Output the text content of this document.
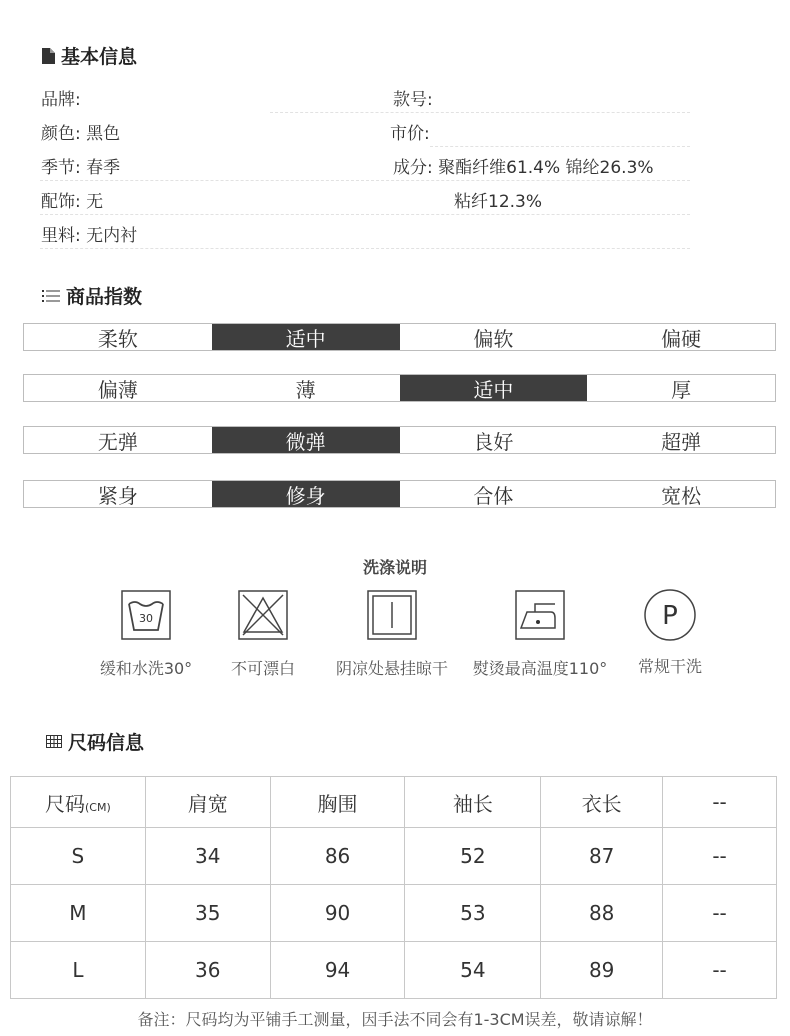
基本信息
品牌:	款号:
颜色: 黑色	市价:
季节: 春季	成分: 聚酯纤维61.4% 锦纶26.3%
配饰: 无	粘纤12.3%
里料: 无内衬
商品指数
柔软	适中	偏软	偏硬
偏薄	薄	适中	厚
无弹	微弹	良好	超弹
紧身	修身	合体	宽松
洗涤说明
30
缓和水洗30°	不可漂白	阴凉处悬挂晾干	熨烫最高温度110°
P
常规干洗
尺码信息
尺码(CM)	肩宽	胸围	袖长	衣长	--
S	34	86	52	87	--
M	35	90	53	88	--
L	36	94	54	89	--
备注：尺码均为平铺手工测量，因手法不同会有1-3CM误差，敬请谅解！
